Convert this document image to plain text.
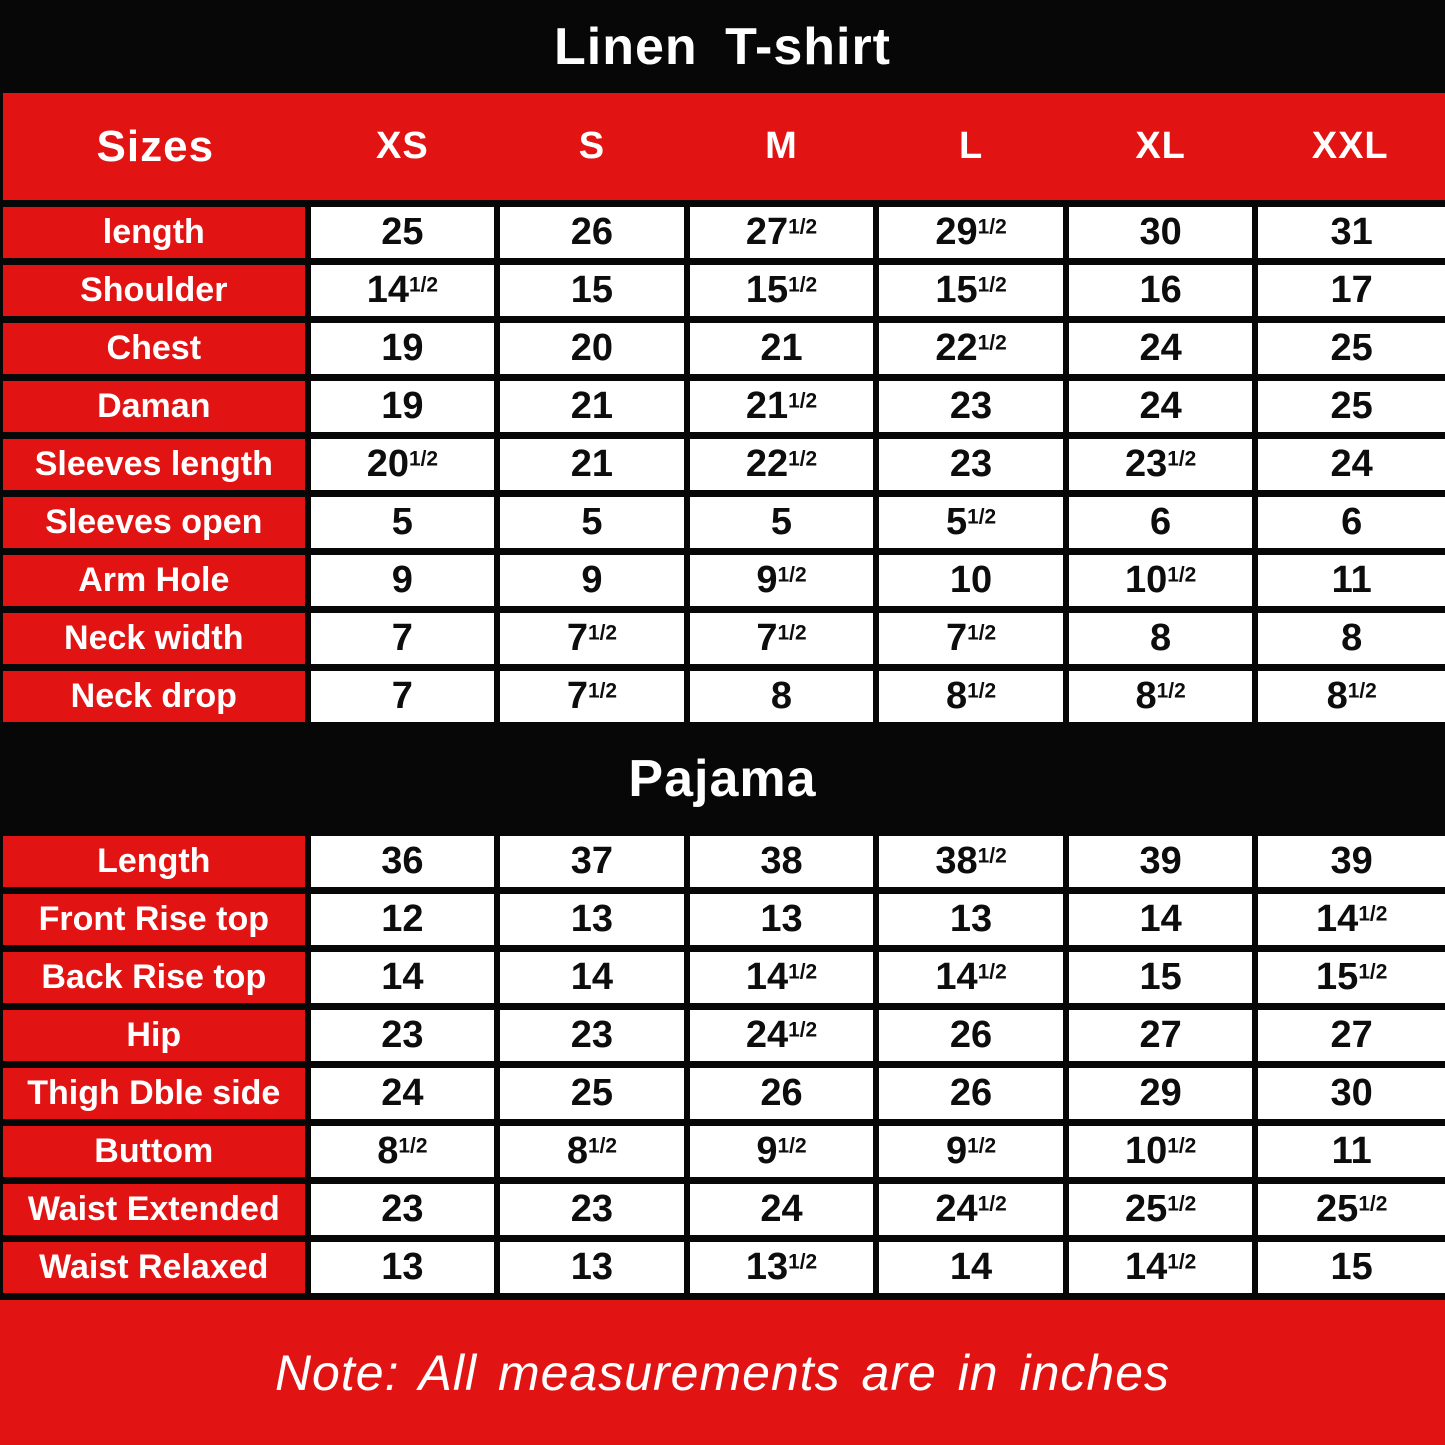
Linen T-shirt
Sizes	XS	S	M	L	XL	XXL
length	25	26	$27^{1/2}$	$29^{1/2}$	30	31
Shoulder	$14^{1/2}$	15	$15^{1/2}$	$15^{1/2}$	16	17
Chest	19	20	21	$22^{1/2}$	24	25
Daman	19	21	$21^{1/2}$	23	24	25
Sleeves length	$20^{1/2}$	21	$22^{1/2}$	23	$23^{1/2}$	24
Sleeves open	5	5	5	$5^{1/2}$	6	6
Arm Hole	9	9	$9^{1/2}$	10	$10^{1/2}$	11
Neck width	7	$7^{1/2}$	$7^{1/2}$	$7^{1/2}$	8	8
Neck drop	7	$7^{1/2}$	8	$8^{1/2}$	$8^{1/2}$	$8^{1/2}$
Pajama
Length	36	37	38	$38^{1/2}$	39	39
Front Rise top	12	13	13	13	14	$14^{1/2}$
Back Rise top	14	14	$14^{1/2}$	$14^{1/2}$	15	$15^{1/2}$
Hip	23	23	$24^{1/2}$	26	27	27
Thigh Dble side	24	25	26	26	29	30
Buttom	$8^{1/2}$	$8^{1/2}$	$9^{1/2}$	$9^{1/2}$	$10^{1/2}$	11
Waist Extended	23	23	24	$24^{1/2}$	$25^{1/2}$	$25^{1/2}$
Waist Relaxed	13	13	$13^{1/2}$	14	$14^{1/2}$	15
Note: All measurements are in inches
